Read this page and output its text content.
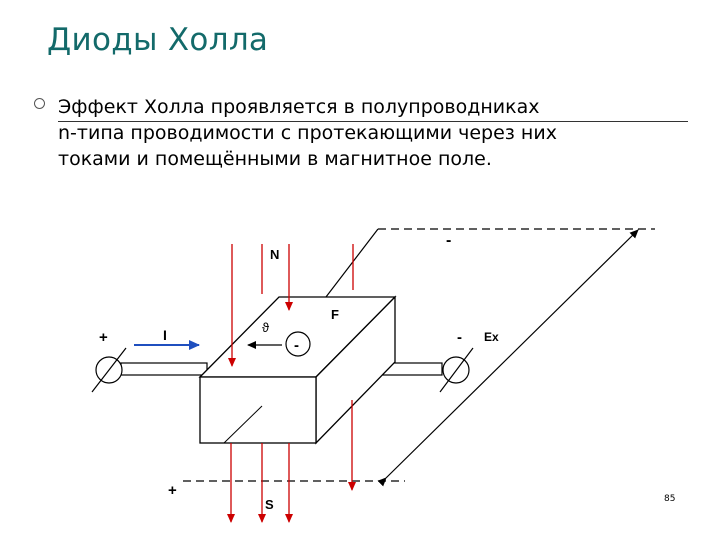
Диоды Холла
Эффект Холла проявляется в полупроводниках
n-типа проводимости с протекающими через них
токами и помещёнными в магнитное поле.
N
S
F
I	ϑ
-	Ex
+	-
-
+	85
